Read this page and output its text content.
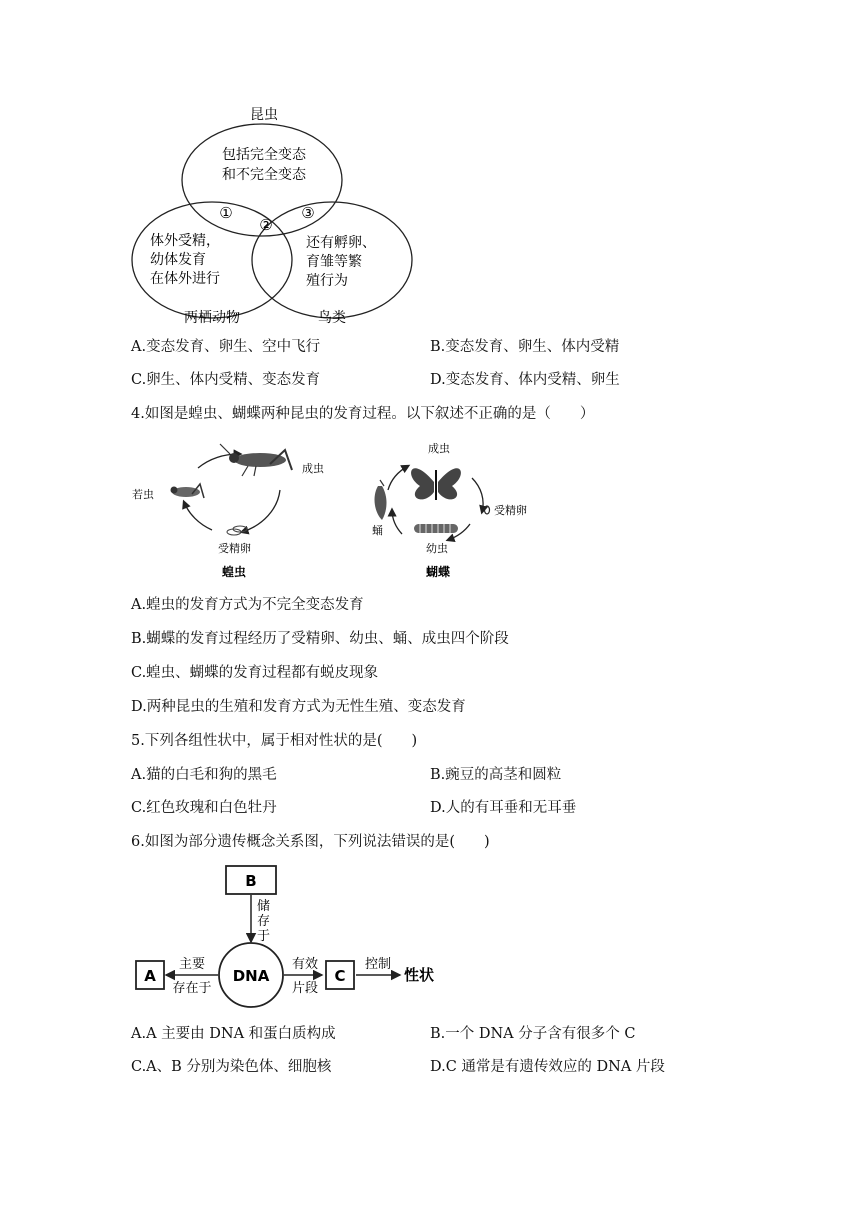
昆虫
包括完全变态
和不完全变态
①
②
③
体外受精，
幼体发育
在体外进行
还有孵卵、
育雏等繁
殖行为
两栖动物	鸟类
A.变态发育、卵生、空中飞行	B.变态发育、卵生、体内受精
C.卵生、体内受精、变态发育	D.变态发育、体内受精、卵生
4.如图是蝗虫、蝴蝶两种昆虫的发育过程。以下叙述不正确的是（　　）
成虫
若虫
受精卵
蝗虫
成虫
受精卵
蛹
幼虫
蝴蝶
A.蝗虫的发育方式为不完全变态发育
B.蝴蝶的发育过程经历了受精卵、幼虫、蛹、成虫四个阶段
C.蝗虫、蝴蝶的发育过程都有蜕皮现象
D.两种昆虫的生殖和发育方式为无性生殖、变态发育
5.下列各组性状中，属于相对性状的是(　　)
A.猫的白毛和狗的黑毛	B.豌豆的高茎和圆粒
C.红色玫瑰和白色牡丹	D.人的有耳垂和无耳垂
6.如图为部分遗传概念关系图，下列说法错误的是(　　)
B
储
存
于
DNA
A
主要
存在于
有效
片段
C
控制
性状
A.A 主要由 DNA 和蛋白质构成	B.一个 DNA 分子含有很多个 C
C.A、B 分别为染色体、细胞核	D.C 通常是有遗传效应的 DNA 片段
